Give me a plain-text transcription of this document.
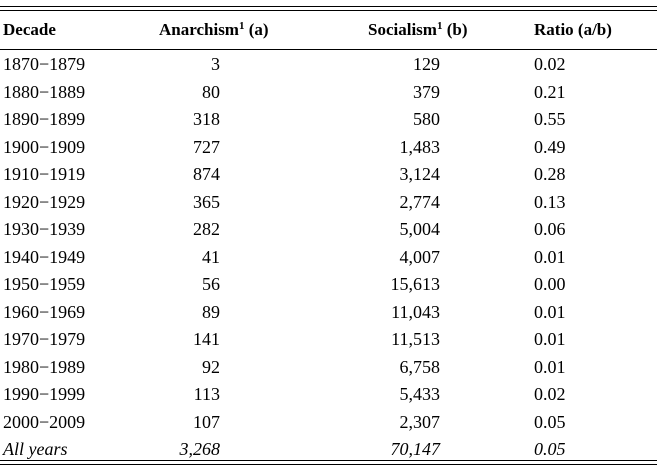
Decade	Anarchism$^1$ (a)		Socialism$^1$ (b)		Ratio (a/b)
1870−1879	3		129		0.02
1880−1889	80		379		0.21
1890−1899	318		580		0.55
1900−1909	727		1,483		0.49
1910−1919	874		3,124		0.28
1920−1929	365		2,774		0.13
1930−1939	282		5,004		0.06
1940−1949	41		4,007		0.01
1950−1959	56		15,613		0.00
1960−1969	89		11,043		0.01
1970−1979	141		11,513		0.01
1980−1989	92		6,758		0.01
1990−1999	113		5,433		0.02
2000−2009	107		2,307		0.05
All years	3,268		70,147		0.05
